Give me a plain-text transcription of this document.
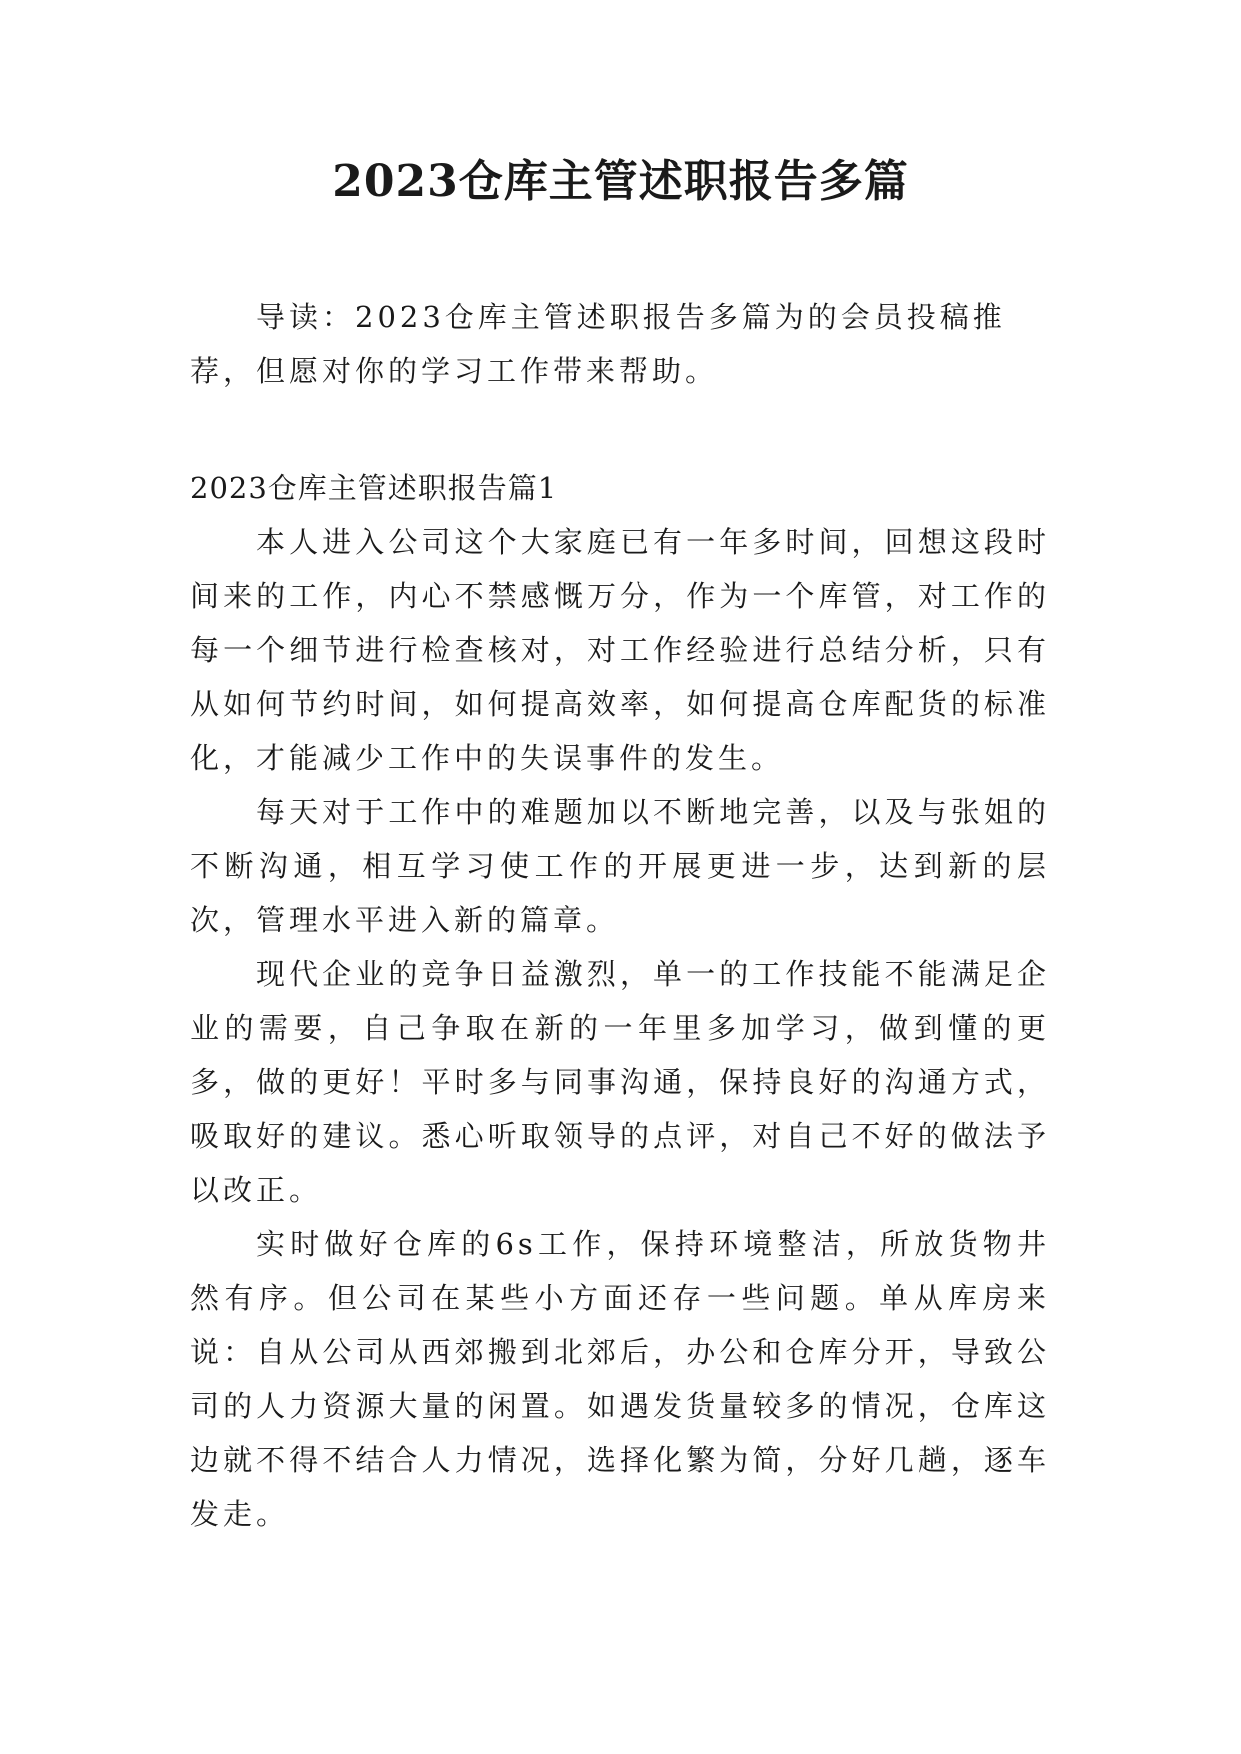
2023仓库主管述职报告多篇
导读：2023仓库主管述职报告多篇为的会员投稿推荐，但愿对你的学习工作带来帮助。

2023仓库主管述职报告篇1

本人进入公司这个大家庭已有一年多时间，回想这段时间来的工作，内心不禁感慨万分，作为一个库管，对工作的每一个细节进行检查核对，对工作经验进行总结分析，只有从如何节约时间，如何提高效率，如何提高仓库配货的标准化，才能减少工作中的失误事件的发生。

每天对于工作中的难题加以不断地完善，以及与张姐的不断沟通，相互学习使工作的开展更进一步，达到新的层次，管理水平进入新的篇章。

现代企业的竞争日益激烈，单一的工作技能不能满足企业的需要，自己争取在新的一年里多加学习，做到懂的更多，做的更好！平时多与同事沟通，保持良好的沟通方式，吸取好的建议。悉心听取领导的点评，对自己不好的做法予以改正。

实时做好仓库的6s工作，保持环境整洁，所放货物井然有序。但公司在某些小方面还存一些问题。单从库房来说：自从公司从西郊搬到北郊后，办公和仓库分开，导致公司的人力资源大量的闲置。如遇发货量较多的情况，仓库这边就不得不结合人力情况，选择化繁为简，分好几趟，逐车发走。
